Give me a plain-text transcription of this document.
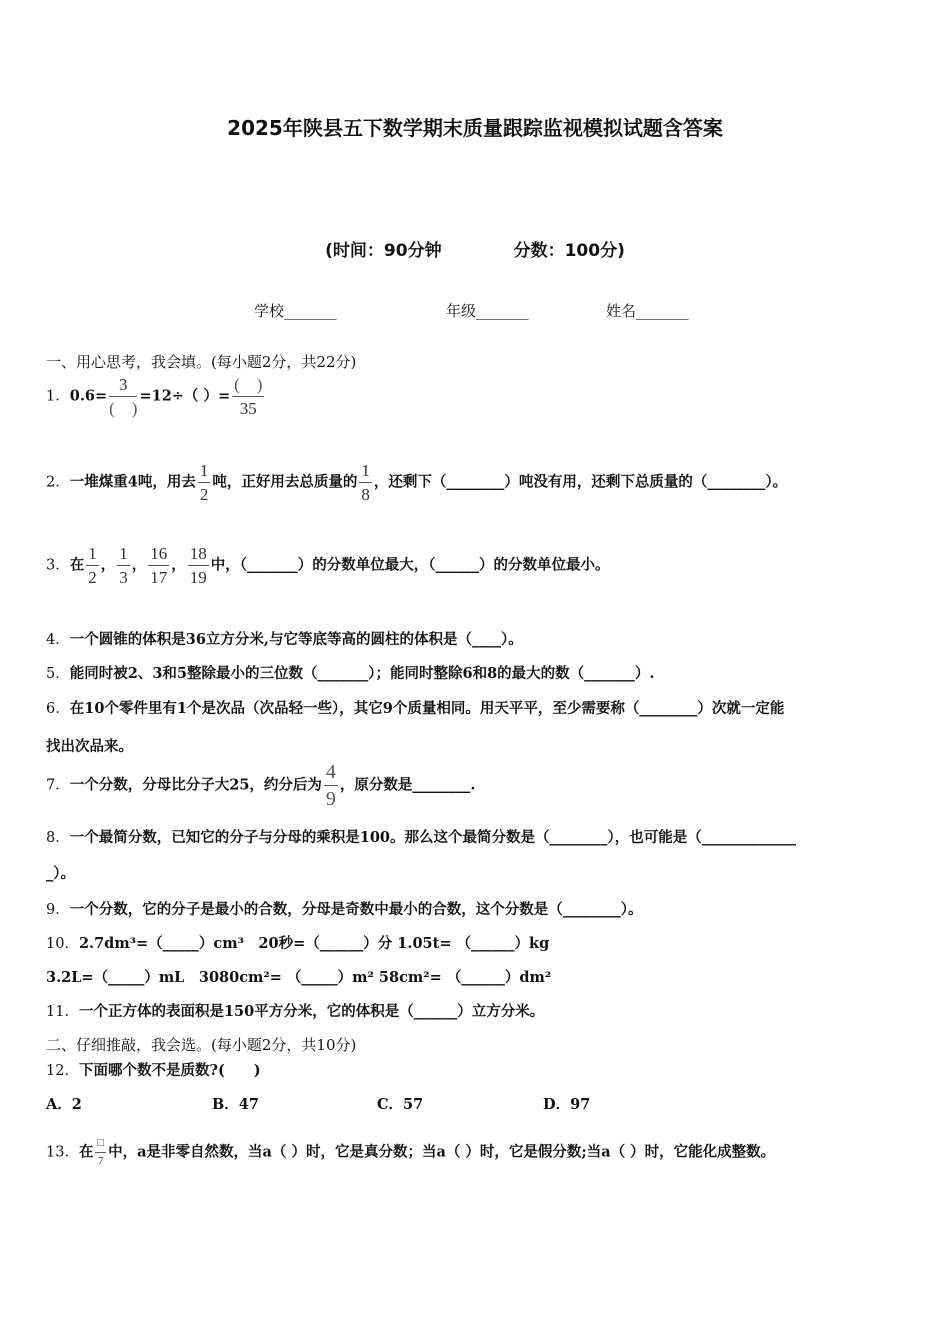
2025年陕县五下数学期末质量跟踪监视模拟试题含答案
(时间：90分钟	分数：100分)
学校_______	年级_______	姓名_______
一、用心思考，我会填。(每小题2分，共22分)
1．$0.6= \frac{3}{( )} =12\div$（ ）= $\frac{( )}{35}$
2．一堆煤重4吨，用去 $\frac{1}{2}$ 吨，正好用去总质量的 $\frac{1}{8}$ ，还剩下（________）吨没有用，还剩下总质量的（________）。
3．在 $\frac{1}{2}$ ， $\frac{1}{3}$ ， $\frac{16}{17}$ ， $\frac{18}{19}$ 中，（_______）的分数单位最大，（______）的分数单位最小。
4．一个圆锥的体积是36立方分米,与它等底等高的圆柱的体积是（____）。
5．能同时被2、3和5整除最小的三位数（_______）；能同时整除6和8的最大的数（_______）.
6．在10个零件里有1个是次品（次品轻一些），其它9个质量相同。用天平平，至少需要称（________）次就一定能
找出次品来。
7．一个分数，分母比分子大25，约分后为 $\frac{4}{9}$ ，原分数是________.
8．一个最简分数，已知它的分子与分母的乘积是100。那么这个最简分数是（________），也可能是（_____________
_）。
9．一个分数，它的分子是最小的合数，分母是奇数中最小的合数，这个分数是（________）。
10．2.7dm³=（_____）cm³　20秒=（______）分 1.05t= （______）kg
3.2L=（_____）mL　3080cm²= （_____）m² 58cm²= （______）dm²
11．一个正方体的表面积是150平方分米，它的体积是（______）立方分米。
二、仔细推敲，我会选。(每小题2分，共10分)
12．下面哪个数不是质数?(　　)
A．2	B．47	C．57	D．97
13．在 $\frac{□}{7}$ 中，a是非零自然数，当a（ ）时，它是真分数；当a（ ）时，它是假分数;当a（ ）时，它能化成整数。
